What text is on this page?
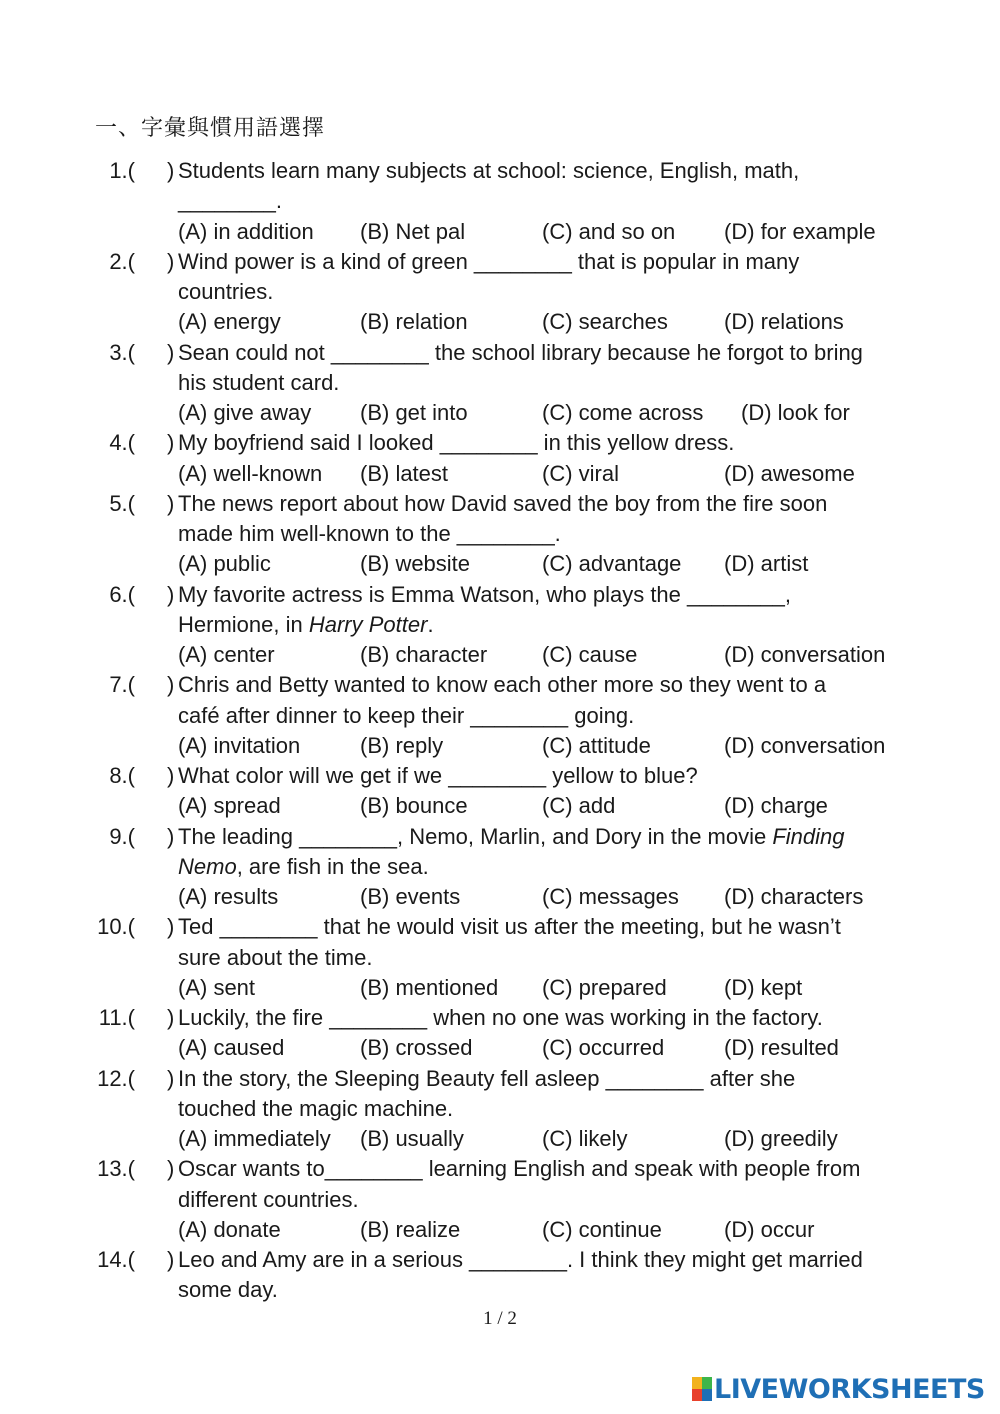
一、字彙與慣用語選擇
1.( ) Students learn many subjects at school: science, English, math,
________.
(A) in addition (B) Net pal	(C) and so on (D) for example
2.( ) Wind power is a kind of green ________ that is popular in many
countries.
(A) energy	(B) relation	(C) searches	(D) relations
3.( ) Sean could not ________ the school library because he forgot to bring
his student card.
(A) give away (B) get into	(C) come across (D) look for
4.( ) My boyfriend said I looked ________ in this yellow dress.
(A) well-known (B) latest	(C) viral	(D) awesome
5.( ) The news report about how David saved the boy from the fire soon
made him well-known to the ________.
(A) public	(B) website	(C) advantage (D) artist
6.( ) My favorite actress is Emma Watson, who plays the ________,
Hermione, in Harry Potter.
(A) center	(B) character (C) cause	(D) conversation
7.( ) Chris and Betty wanted to know each other more so they went to a
café after dinner to keep their ________ going.
(A) invitation	(B) reply	(C) attitude	(D) conversation
8.( ) What color will we get if we ________ yellow to blue?
(A) spread	(B) bounce	(C) add	(D) charge
9.( ) The leading ________, Nemo, Marlin, and Dory in the movie Finding
Nemo, are fish in the sea.
(A) results	(B) events	(C) messages (D) characters
10.( ) Ted ________ that he would visit us after the meeting, but he wasn’t
sure about the time.
(A) sent	(B) mentioned (C) prepared	(D) kept
11.( ) Luckily, the fire ________ when no one was working in the factory.
(A) caused	(B) crossed	(C) occurred	(D) resulted
12.( ) In the story, the Sleeping Beauty fell asleep ________ after she
touched the magic machine.
(A) immediately (B) usually	(C) likely	(D) greedily
13.( ) Oscar wants to________ learning English and speak with people from
different countries.
(A) donate	(B) realize	(C) continue	(D) occur
14.( ) Leo and Amy are in a serious ________. I think they might get married
some day.
1 / 2
LIVEWORKSHEETS
